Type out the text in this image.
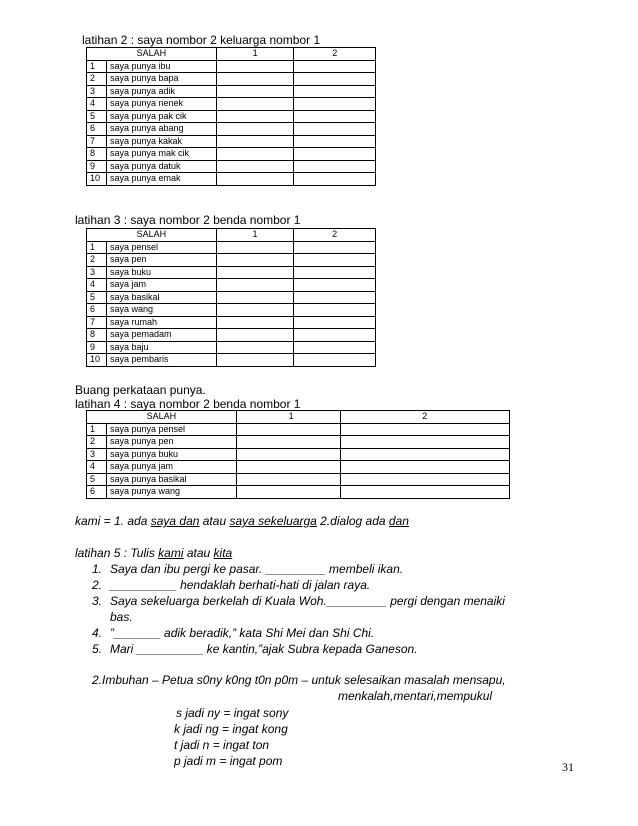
latihan 2 : saya nombor 2 keluarga nombor 1
SALAH		1	2
1	saya punya ibu		
2	saya punya bapa		
3	saya punya adik		
4	saya punya nenek		
5	saya punya pak cik		
6	saya punya abang		
7	saya punya kakak		
8	saya punya mak cik		
9	saya punya datuk		
10	saya punya emak		
latihan 3 : saya nombor 2 benda nombor 1
SALAH		1	2
1	saya pensel		
2	saya pen		
3	saya buku		
4	saya jam		
5	saya basikal		
6	saya wang		
7	saya rumah		
8	saya pemadam		
9	saya baju		
10	saya pembaris		
Buang perkataan punya.
latihan 4 : saya nombor 2 benda nombor 1
SALAH		1	2
1	saya punya pensel		
2	saya punya pen		
3	saya punya buku		
4	saya punya jam		
5	saya punya basikal		
6	saya punya wang		
kami = 1. ada saya dan atau saya sekeluarga 2.dialog ada dan
latihan 5 : Tulis kami atau kita
1. Saya dan ibu pergi ke pasar. _________ membeli ikan.
2. __________ hendaklah berhati-hati di jalan raya.
3. Saya sekeluarga berkelah di Kuala Woh._________ pergi dengan menaiki
bas.
4. ”_______ adik beradik,” kata Shi Mei dan Shi Chi.
5. Mari __________ ke kantin,”ajak Subra kepada Ganeson.
2.Imbuhan – Petua s0ny k0ng t0n p0m – untuk selesaikan masalah mensapu,
menkalah,mentari,mempukul
s jadi ny = ingat sony
k jadi ng = ingat kong
t jadi n = ingat ton
p jadi m = ingat pom	31
